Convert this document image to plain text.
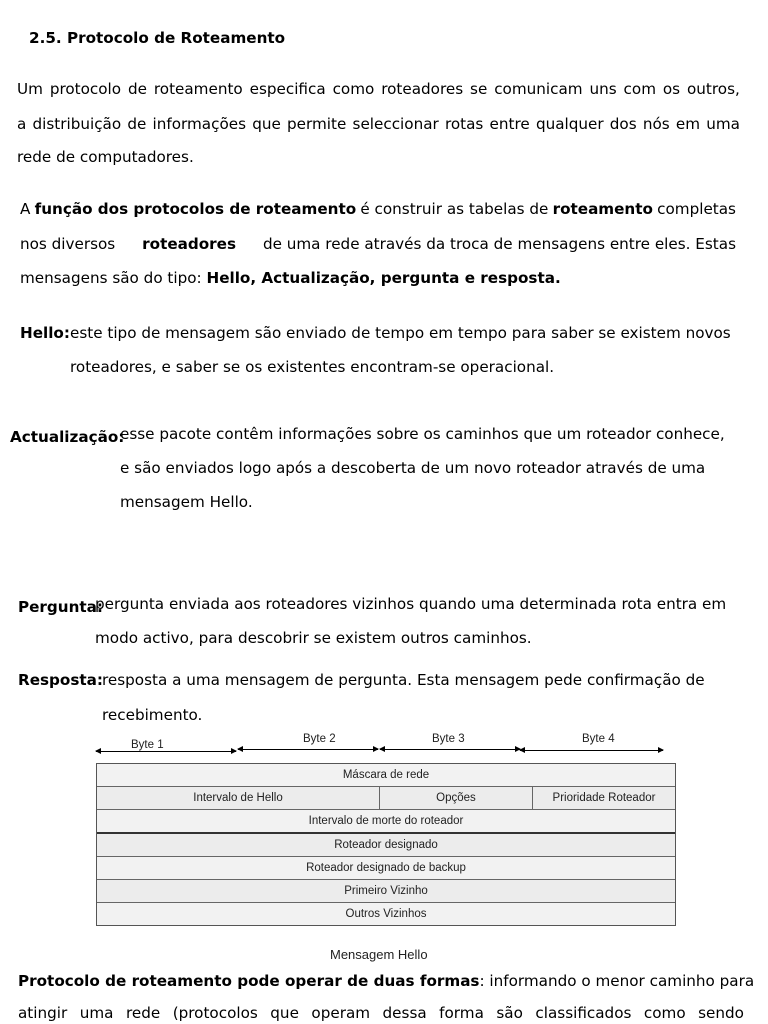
2.5. Protocolo de Roteamento
Um protocolo de roteamento especifica como roteadores se comunicam uns com os outros,
a distribuição de informações que permite seleccionar rotas entre qualquer dos nós em uma
rede de computadores.
A função dos protocolos de roteamento é construir as tabelas de roteamento completas
nos diversos roteadores de uma rede através da troca de mensagens entre eles. Estas
mensagens são do tipo: Hello, Actualização, pergunta e resposta.
Hello: este tipo de mensagem são enviado de tempo em tempo para saber se existem novos
roteadores, e saber se os existentes encontram-se operacional.
Actualização:
esse pacote contêm informações sobre os caminhos que um roteador conhece,
e são enviados logo após a descoberta de um novo roteador através de uma
mensagem Hello.
Pergunta:
pergunta enviada aos roteadores vizinhos quando uma determinada rota entra em
modo activo, para descobrir se existem outros caminhos.
Resposta: resposta a uma mensagem de pergunta. Esta mensagem pede confirmação de
recebimento.
Byte 1	Byte 2	Byte 3	Byte 4
Máscara de rede
Intervalo de Hello	Opções	Prioridade Roteador
Intervalo de morte do roteador
Roteador designado
Roteador designado de backup
Primeiro Vizinho
Outros Vizinhos
Mensagem Hello
Protocolo de roteamento pode operar de duas formas: informando o menor caminho para
atingir uma rede (protocolos que operam dessa forma são classificados como sendo
